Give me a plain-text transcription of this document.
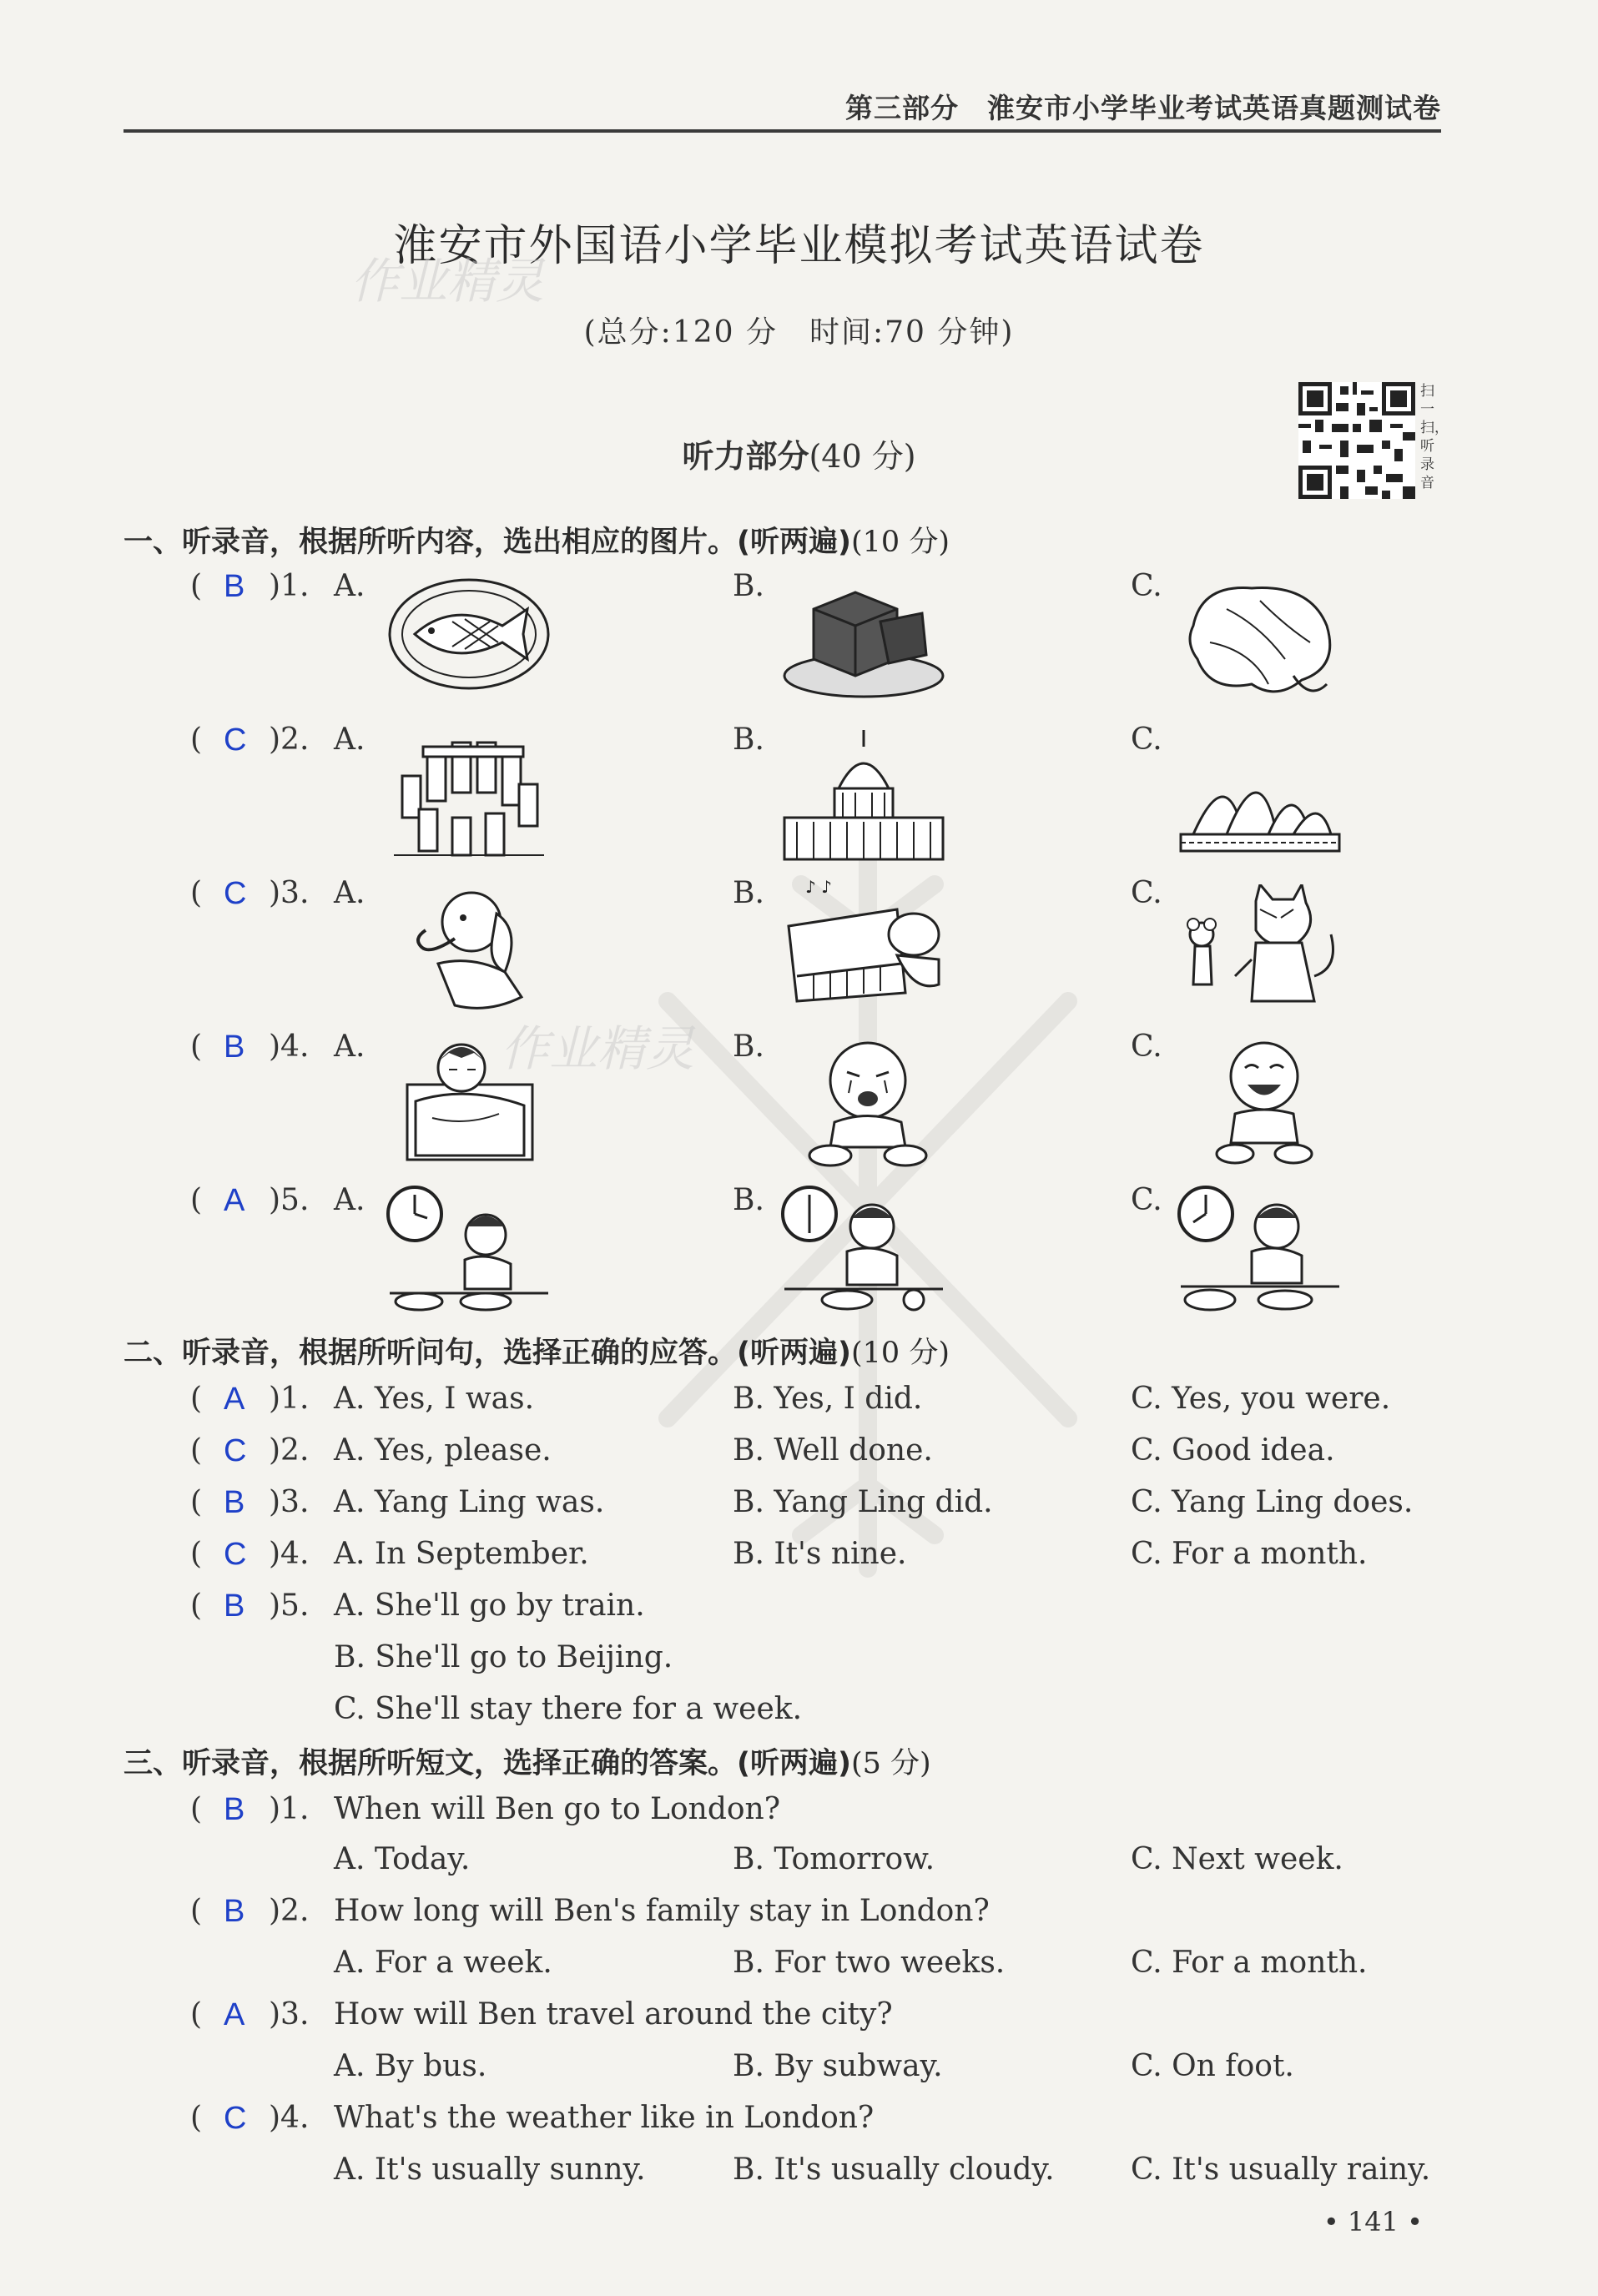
第三部分　淮安市小学毕业考试英语真题测试卷
淮安市外国语小学毕业模拟考试英语试卷
(总分:120 分　时间:70 分钟)
扫一扫，听录音
作业精灵
作业精灵
听力部分(40 分)
一、听录音，根据所听内容，选出相应的图片。(听两遍)(10 分)
( B )1. A.	B.	C.
( C )2. A.	B.	C.
( C )3. A.	B.	C.
♪ ♪
( B )4. A.	B.	C.
( A )5. A.	B.	C.
二、听录音，根据所听问句，选择正确的应答。(听两遍)(10 分)
( A )1. A. Yes, I was.	B. Yes, I did.	C. Yes, you were.
( C )2. A. Yes, please.	B. Well done.	C. Good idea.
( B )3. A. Yang Ling was.	B. Yang Ling did.	C. Yang Ling does.
( C )4. A. In September.	B. It's nine.	C. For a month.
( B )5. A. She'll go by train.
B. She'll go to Beijing.
C. She'll stay there for a week.
三、听录音，根据所听短文，选择正确的答案。(听两遍)(5 分)
( B )1. When will Ben go to London?
A. Today.	B. Tomorrow.	C. Next week.
( B )2. How long will Ben's family stay in London?
A. For a week.	B. For two weeks.	C. For a month.
( A )3. How will Ben travel around the city?
A. By bus.	B. By subway.	C. On foot.
( C )4. What's the weather like in London?
A. It's usually sunny.	B. It's usually cloudy.	C. It's usually rainy.
• 141 •
